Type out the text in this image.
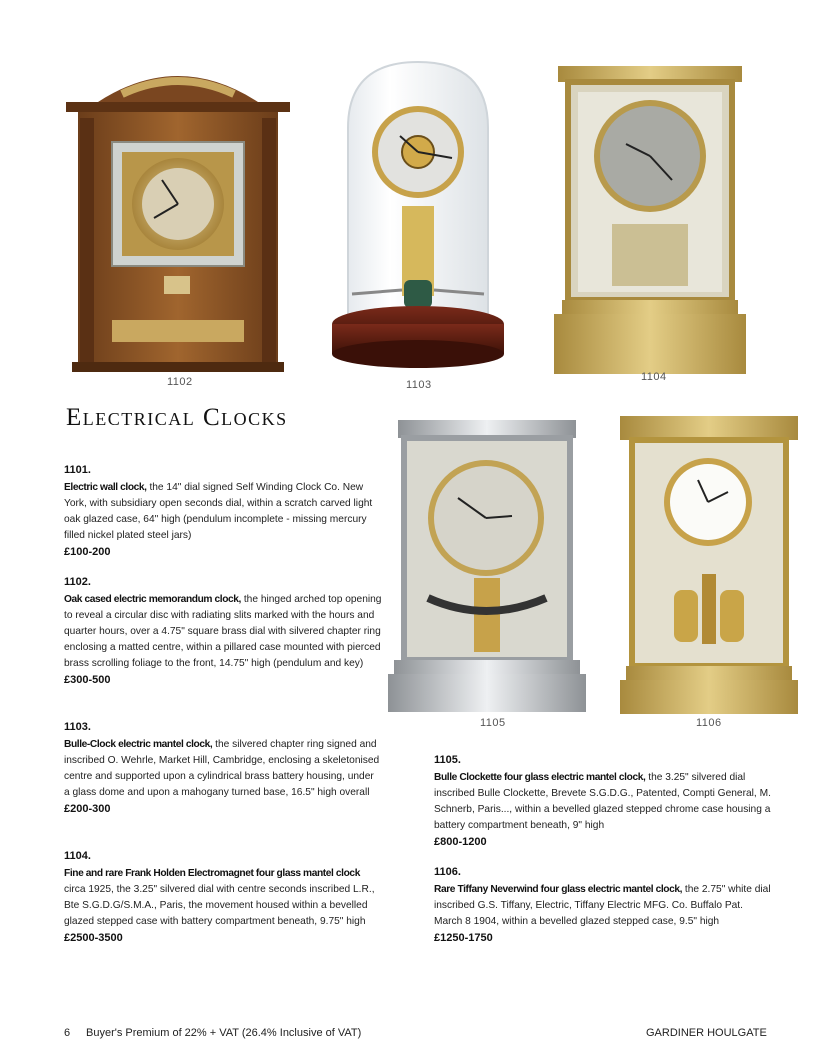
1102	1103
1104
Electrical Clocks
1105	1106
1101.
Electric wall clock, the 14" dial signed Self Winding Clock Co. New York, with subsidiary open seconds dial, within a scratch carved light oak glazed case, 64" high (pendulum incomplete - missing mercury filled nickel plated steel jars)
£100-200
1102.
Oak cased electric memorandum clock, the hinged arched top opening to reveal a circular disc with radiating slits marked with the hours and quarter hours, over a 4.75" square brass dial with silvered chapter ring enclosing a matted centre, within a pillared case mounted with pierced brass scrolling foliage to the front, 14.75" high (pendulum and key)
£300-500
1103.
Bulle-Clock electric mantel clock, the silvered chapter ring signed and inscribed O. Wehrle, Market Hill, Cambridge, enclosing a skeletonised centre and supported upon a cylindrical brass battery housing, under a glass dome and upon a mahogany turned base, 16.5" high overall
£200-300
1104.
Fine and rare Frank Holden Electromagnet four glass mantel clock circa 1925, the 3.25" silvered dial with centre seconds inscribed L.R., Bte S.G.D.G/S.M.A., Paris, the movement housed within a bevelled glazed stepped case with battery compartment beneath, 9.75" high
£2500-3500
1105.
Bulle Clockette four glass electric mantel clock, the 3.25" silvered dial inscribed Bulle Clockette, Brevete S.G.D.G., Patented, Compti General, M. Schnerb, Paris..., within a bevelled glazed stepped chrome case housing a battery compartment beneath, 9" high
£800-1200
1106.
Rare Tiffany Neverwind four glass electric mantel clock, the 2.75" white dial inscribed G.S. Tiffany, Electric, Tiffany Electric MFG. Co. Buffalo Pat. March 8 1904, within a bevelled glazed stepped case, 9.5" high
£1250-1750
6 Buyer's Premium of 22% + VAT (26.4% Inclusive of VAT)	GARDINER HOULGATE
